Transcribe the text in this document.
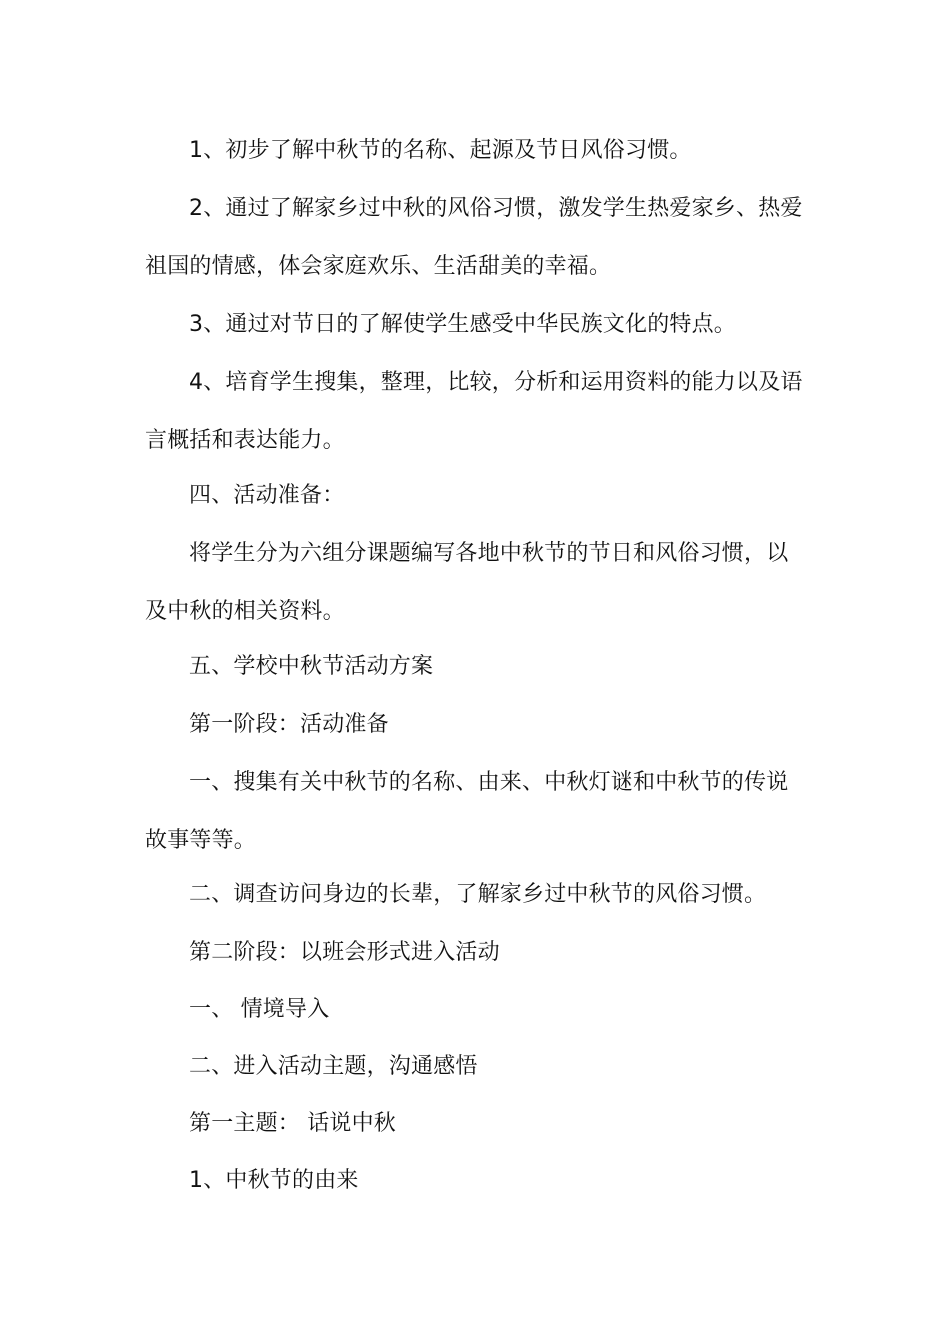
1、初步了解中秋节的名称、起源及节日风俗习惯。

2、通过了解家乡过中秋的风俗习惯，激发学生热爱家乡、热爱祖国的情感，体会家庭欢乐、生活甜美的幸福。

3、通过对节日的了解使学生感受中华民族文化的特点。

4、培育学生搜集，整理，比较，分析和运用资料的能力以及语言概括和表达能力。

四、活动准备：

将学生分为六组分课题编写各地中秋节的节日和风俗习惯，以及中秋的相关资料。

五、学校中秋节活动方案

第一阶段：活动准备

一、搜集有关中秋节的名称、由来、中秋灯谜和中秋节的传说故事等等。

二、调查访问身边的长辈，了解家乡过中秋节的风俗习惯。

第二阶段：以班会形式进入活动

一、 情境导入

二、进入活动主题，沟通感悟

第一主题： 话说中秋

1、中秋节的由来
